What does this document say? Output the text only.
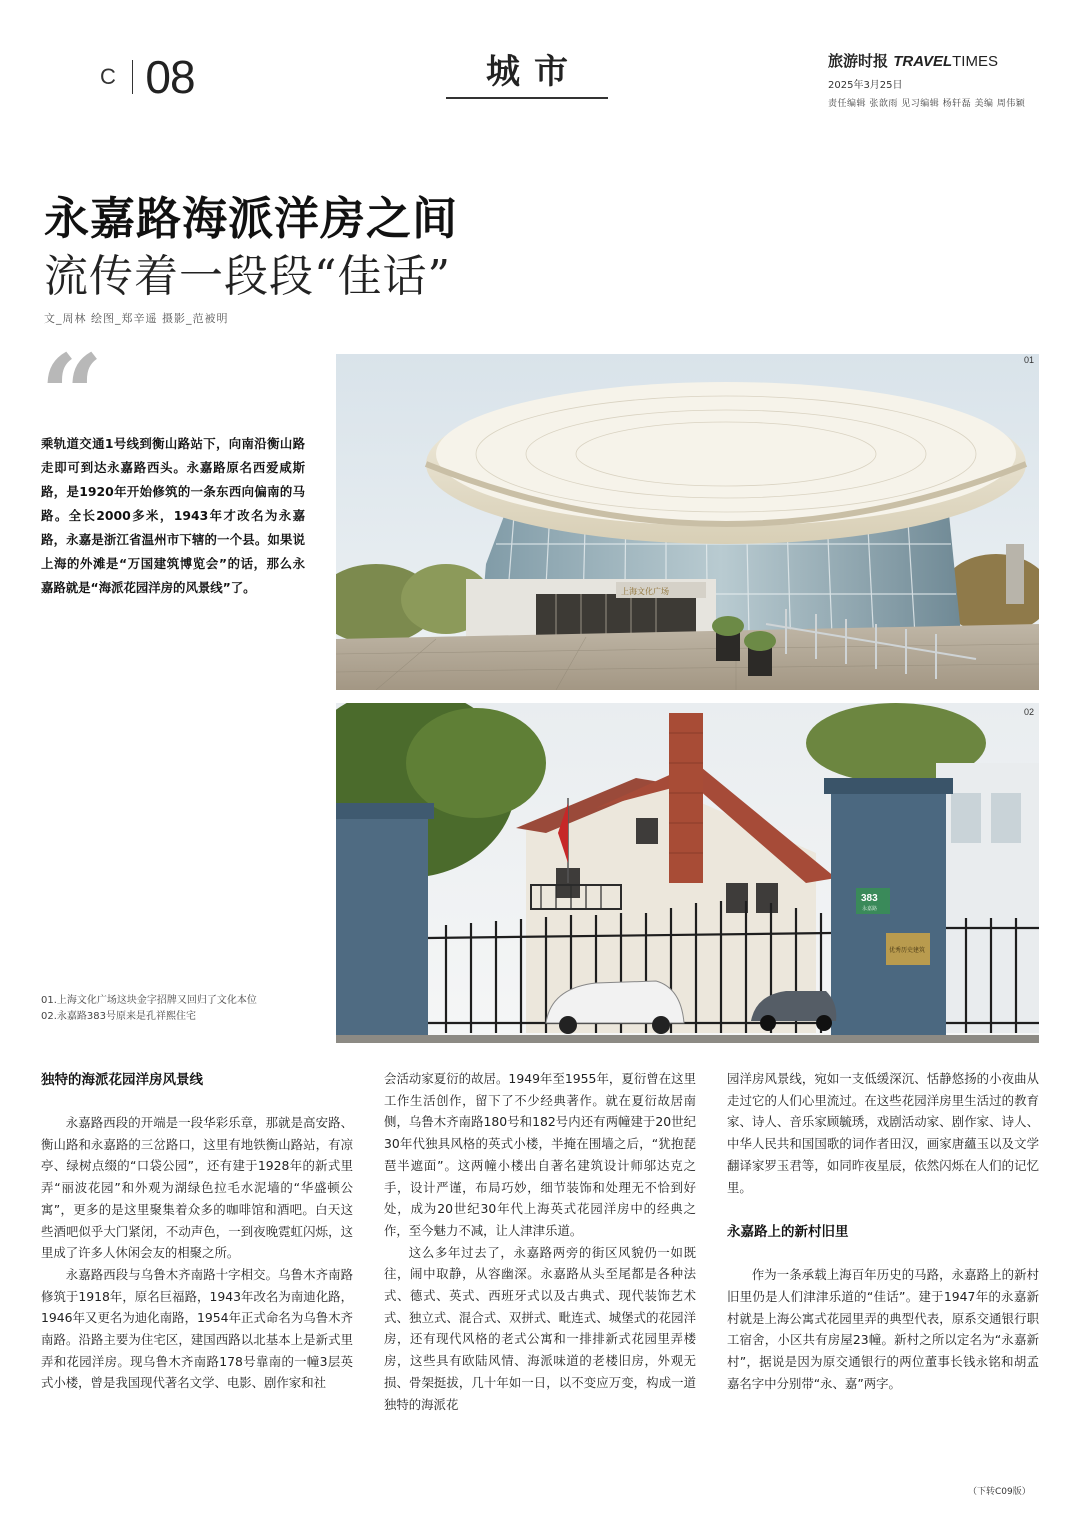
C 08	城市	旅游时报 TRAVELTIMES
2025年3月25日
责任编辑 张歆雨 见习编辑 杨轩磊 美编 周伟颖
永嘉路海派洋房之间
流传着一段段“佳话”
文_周林 绘图_郑辛遥 摄影_范被明
“

乘轨道交通1号线到衡山路站下，向南沿衡山路走即可到达永嘉路西头。永嘉路原名西爱咸斯路，是1920年开始修筑的一条东西向偏南的马路。全长2000多米，1943年才改名为永嘉路，永嘉是浙江省温州市下辖的一个县。如果说上海的外滩是“万国建筑博览会”的话，那么永嘉路就是“海派花园洋房的风景线”了。	上海文化广场
01
383
永嘉路
优秀历史建筑
02
01.上海文化广场这块金字招牌又回归了文化本位
02.永嘉路383号原来是孔祥熙住宅
独特的海派花园洋房风景线

永嘉路西段的开端是一段华彩乐章，那就是高安路、衡山路和永嘉路的三岔路口，这里有地铁衡山路站，有凉亭、绿树点缀的“口袋公园”，还有建于1928年的新式里弄“丽波花园”和外观为湖绿色拉毛水泥墙的“华盛顿公寓”，更多的是这里聚集着众多的咖啡馆和酒吧。白天这些酒吧似乎大门紧闭，不动声色，一到夜晚霓虹闪烁，这里成了许多人休闲会友的相聚之所。

永嘉路西段与乌鲁木齐南路十字相交。乌鲁木齐南路修筑于1918年，原名巨福路，1943年改名为南迪化路，1946年又更名为迪化南路，1954年正式命名为乌鲁木齐南路。沿路主要为住宅区，建国西路以北基本上是新式里弄和花园洋房。现乌鲁木齐南路178号靠南的一幢3层英式小楼，曾是我国现代著名文学、电影、剧作家和社

会活动家夏衍的故居。1949年至1955年，夏衍曾在这里工作生活创作，留下了不少经典著作。就在夏衍故居南侧，乌鲁木齐南路180号和182号内还有两幢建于20世纪30年代独具风格的英式小楼，半掩在围墙之后，“犹抱琵琶半遮面”。这两幢小楼出自著名建筑设计师邬达克之手，设计严谨，布局巧妙，细节装饰和处理无不恰到好处，成为20世纪30年代上海英式花园洋房中的经典之作，至今魅力不减，让人津津乐道。

这么多年过去了，永嘉路两旁的街区风貌仍一如既往，闹中取静，从容幽深。永嘉路从头至尾都是各种法式、德式、英式、西班牙式以及古典式、现代装饰艺术式、独立式、混合式、双拼式、毗连式、城堡式的花园洋房，还有现代风格的老式公寓和一排排新式花园里弄楼房，这些具有欧陆风情、海派味道的老楼旧房，外观无损、骨架挺拔，几十年如一日，以不变应万变，构成一道独特的海派花

园洋房风景线，宛如一支低缓深沉、恬静悠扬的小夜曲从走过它的人们心里流过。在这些花园洋房里生活过的教育家、诗人、音乐家顾毓琇，戏剧活动家、剧作家、诗人、中华人民共和国国歌的词作者田汉，画家唐蘊玉以及文学翻译家罗玉君等，如同昨夜星辰，依然闪烁在人们的记忆里。

永嘉路上的新村旧里

作为一条承载上海百年历史的马路，永嘉路上的新村旧里仍是人们津津乐道的“佳话”。建于1947年的永嘉新村就是上海公寓式花园里弄的典型代表，原系交通银行职工宿舍，小区共有房屋23幢。新村之所以定名为“永嘉新村”，据说是因为原交通银行的两位董事长钱永铭和胡孟嘉名字中分别带“永、嘉”两字。

（下转C09版）
